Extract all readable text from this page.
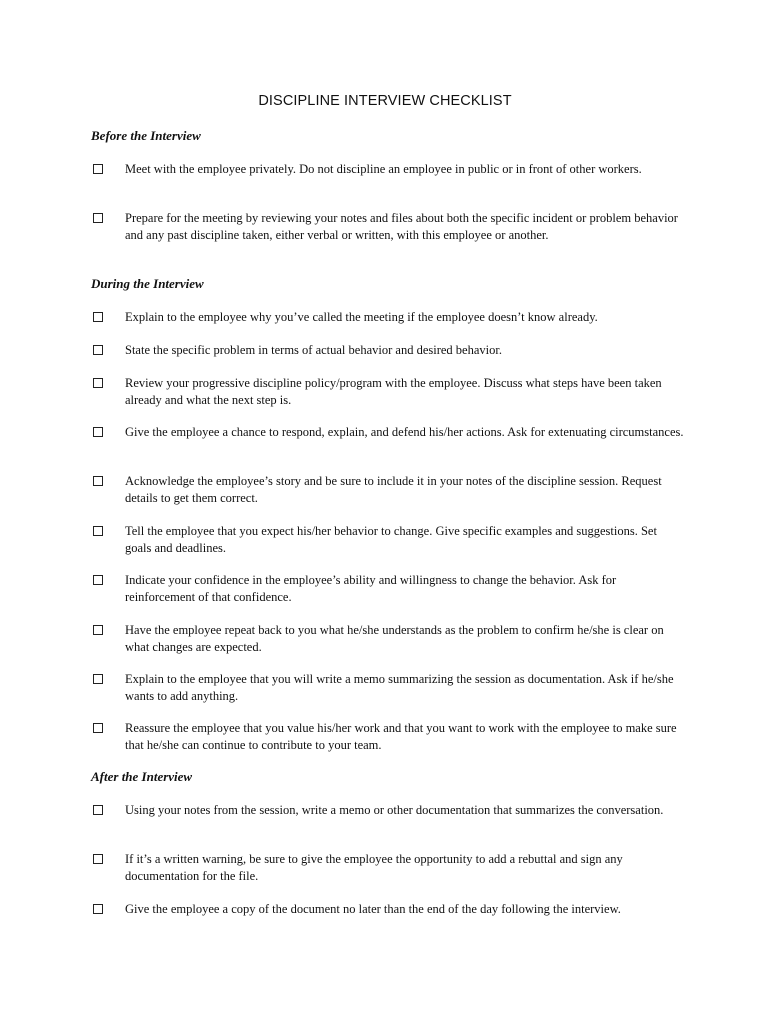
DISCIPLINE INTERVIEW CHECKLIST
Before the Interview
Meet with the employee privately. Do not discipline an employee in public or in front of other workers.
Prepare for the meeting by reviewing your notes and files about both the specific incident or problem behavior and any past discipline taken, either verbal or written, with this employee or another.
During the Interview
Explain to the employee why you’ve called the meeting if the employee doesn’t know already.
State the specific problem in terms of actual behavior and desired behavior.
Review your progressive discipline policy/program with the employee. Discuss what steps have been taken already and what the next step is.
Give the employee a chance to respond, explain, and defend his/her actions. Ask for extenuating circumstances.
Acknowledge the employee’s story and be sure to include it in your notes of the discipline session. Request details to get them correct.
Tell the employee that you expect his/her behavior to change. Give specific examples and suggestions. Set goals and deadlines.
Indicate your confidence in the employee’s ability and willingness to change the behavior. Ask for reinforcement of that confidence.
Have the employee repeat back to you what he/she understands as the problem to confirm he/she is clear on what changes are expected.
Explain to the employee that you will write a memo summarizing the session as documentation. Ask if he/she wants to add anything.
Reassure the employee that you value his/her work and that you want to work with the employee to make sure that he/she can continue to contribute to your team.
After the Interview
Using your notes from the session, write a memo or other documentation that summarizes the conversation.
If it’s a written warning, be sure to give the employee the opportunity to add a rebuttal and sign any documentation for the file.
Give the employee a copy of the document no later than the end of the day following the interview.
